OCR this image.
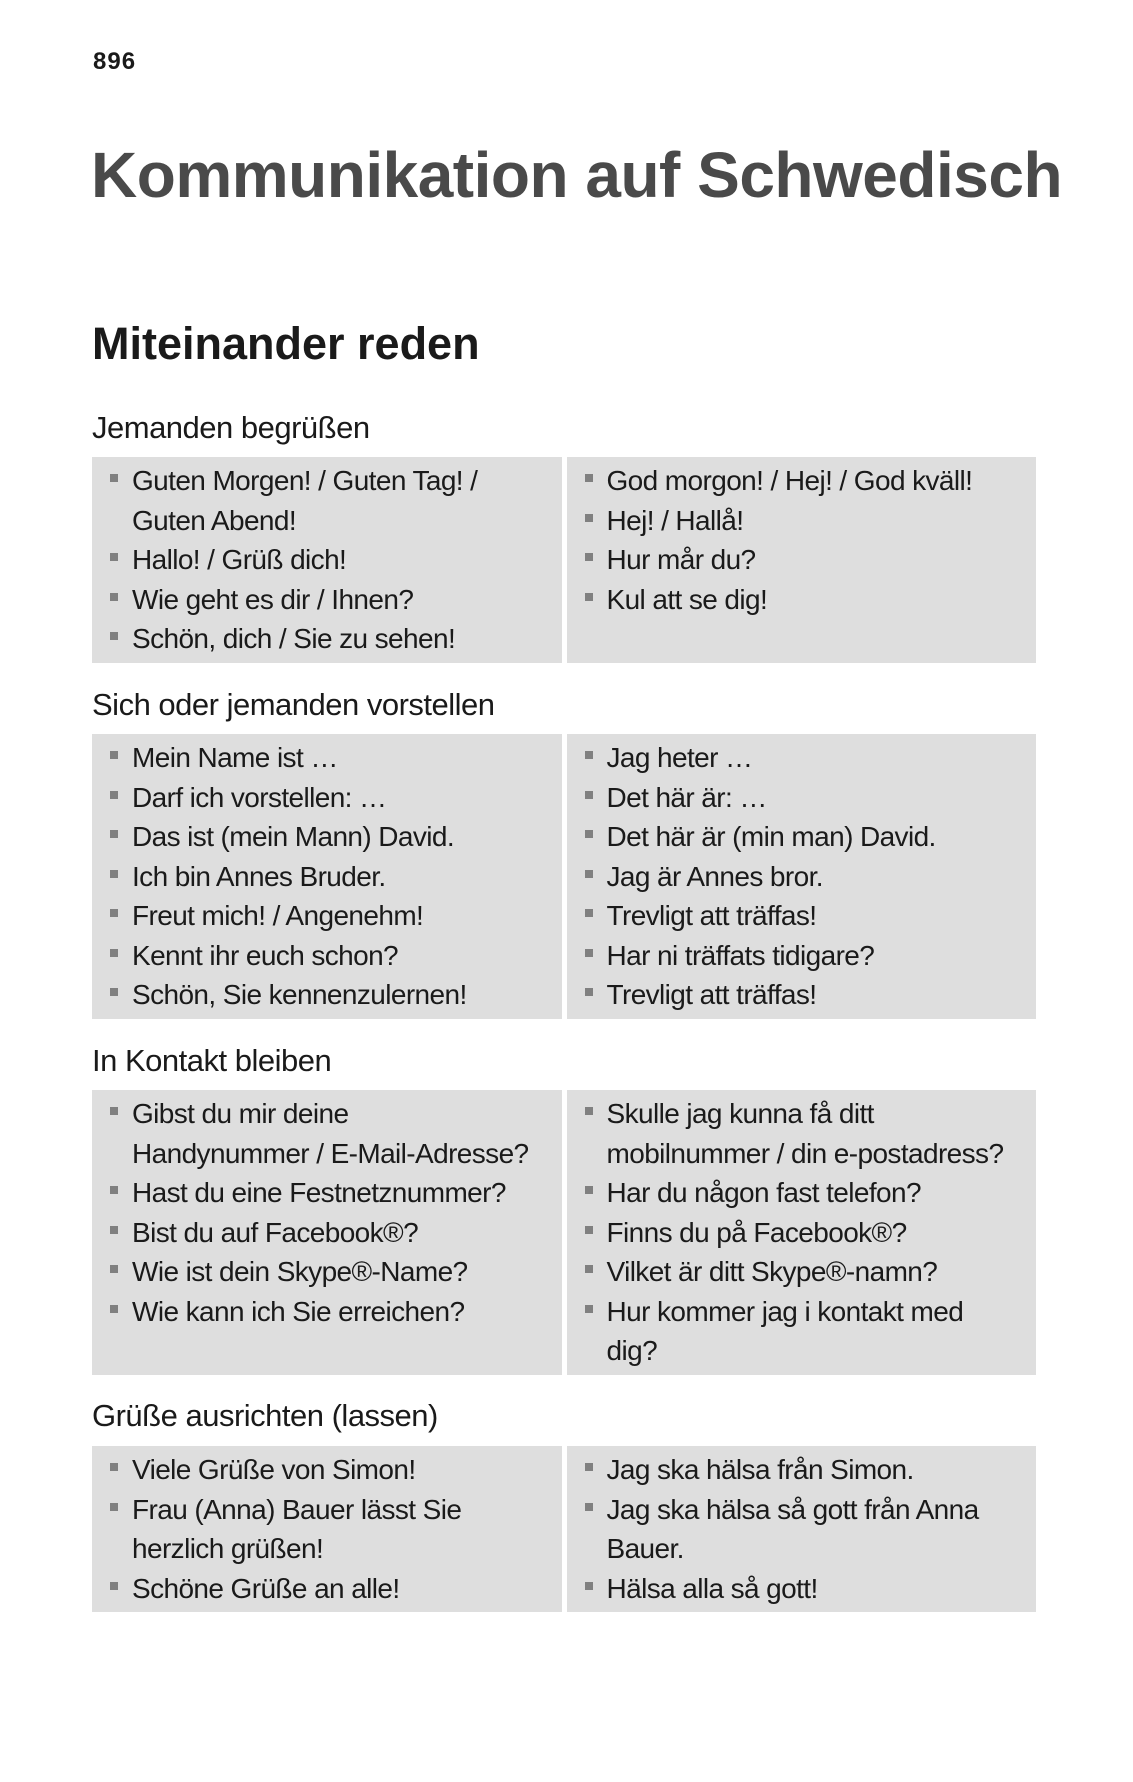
896
Kommunikation auf Schwedisch
Miteinander reden
Jemanden begrüßen
Guten Morgen! / Guten Tag! /
Guten Abend!
Hallo! / Grüß dich!
Wie geht es dir / Ihnen?
Schön, dich / Sie zu sehen!
God morgon! / Hej! / God kväll!

Hej! / Hallå!
Hur mår du?
Kul att se dig!
Sich oder jemanden vorstellen
Mein Name ist …
Darf ich vorstellen: …
Das ist (mein Mann) David.
Ich bin Annes Bruder.
Freut mich! / Angenehm!
Kennt ihr euch schon?
Schön, Sie kennenzulernen!
Jag heter …
Det här är: …
Det här är (min man) David.
Jag är Annes bror.
Trevligt att träffas!
Har ni träffats tidigare?
Trevligt att träffas!
In Kontakt bleiben
Gibst du mir deine
Handynummer / E-Mail-Adresse?
Hast du eine Festnetznummer?
Bist du auf Facebook®?
Wie ist dein Skype®-Name?
Wie kann ich Sie erreichen?

Skulle jag kunna få ditt
mobilnummer / din e-postadress?
Har du någon fast telefon?
Finns du på Facebook®?
Vilket är ditt Skype®-namn?
Hur kommer jag i kontakt med
dig?
Grüße ausrichten (lassen)
Viele Grüße von Simon!
Frau (Anna) Bauer lässt Sie
herzlich grüßen!
Schöne Grüße an alle!
Jag ska hälsa från Simon.
Jag ska hälsa så gott från Anna
Bauer.
Hälsa alla så gott!
